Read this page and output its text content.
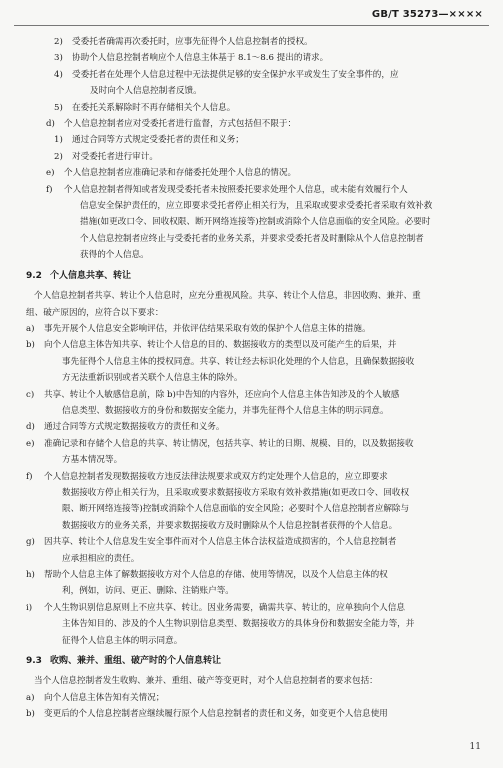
GB/T 35273—××××
2) 受委托者确需再次委托时，应事先征得个人信息控制者的授权。
3) 协助个人信息控制者响应个人信息主体基于 8.1～8.6 提出的请求。
4) 受委托者在处理个人信息过程中无法提供足够的安全保护水平或发生了安全事件的，应
及时向个人信息控制者反馈。
5) 在委托关系解除时不再存储相关个人信息。
d) 个人信息控制者应对受委托者进行监督，方式包括但不限于：
1) 通过合同等方式规定受委托者的责任和义务；
2) 对受委托者进行审计。
e) 个人信息控制者应准确记录和存储委托处理个人信息的情况。
f) 个人信息控制者得知或者发现受委托者未按照委托要求处理个人信息，或未能有效履行个人
信息安全保护责任的，应立即要求受托者停止相关行为，且采取或要求受委托者采取有效补救
措施(如更改口令、回收权限、断开网络连接等)控制或消除个人信息面临的安全风险。必要时
个人信息控制者应终止与受委托者的业务关系，并要求受委托者及时删除从个人信息控制者
获得的个人信息。
9.2 个人信息共享、转让
个人信息控制者共享、转让个人信息时，应充分重视风险。共享、转让个人信息，非因收购、兼并、重
组、破产原因的，应符合以下要求：
a) 事先开展个人信息安全影响评估，并依评估结果采取有效的保护个人信息主体的措施。
b) 向个人信息主体告知共享、转让个人信息的目的、数据接收方的类型以及可能产生的后果，并
事先征得个人信息主体的授权同意。共享、转让经去标识化处理的个人信息，且确保数据接收
方无法重新识别或者关联个人信息主体的除外。
c) 共享、转让个人敏感信息前，除 b)中告知的内容外，还应向个人信息主体告知涉及的个人敏感
信息类型、数据接收方的身份和数据安全能力，并事先征得个人信息主体的明示同意。
d) 通过合同等方式规定数据接收方的责任和义务。
e) 准确记录和存储个人信息的共享、转让情况，包括共享、转让的日期、规模、目的，以及数据接收
方基本情况等。
f) 个人信息控制者发现数据接收方违反法律法规要求或双方约定处理个人信息的，应立即要求
数据接收方停止相关行为，且采取或要求数据接收方采取有效补救措施(如更改口令、回收权
限、断开网络连接等)控制或消除个人信息面临的安全风险；必要时个人信息控制者应解除与
数据接收方的业务关系，并要求数据接收方及时删除从个人信息控制者获得的个人信息。
g) 因共享、转让个人信息发生安全事件而对个人信息主体合法权益造成损害的，个人信息控制者
应承担相应的责任。
h) 帮助个人信息主体了解数据接收方对个人信息的存储、使用等情况，以及个人信息主体的权
利，例如，访问、更正、删除、注销账户等。
i) 个人生物识别信息原则上不应共享、转让。因业务需要，确需共享、转让的，应单独向个人信息
主体告知目的、涉及的个人生物识别信息类型、数据接收方的具体身份和数据安全能力等，并
征得个人信息主体的明示同意。
9.3 收购、兼并、重组、破产时的个人信息转让
当个人信息控制者发生收购、兼并、重组、破产等变更时，对个人信息控制者的要求包括：
a) 向个人信息主体告知有关情况；
b) 变更后的个人信息控制者应继续履行原个人信息控制者的责任和义务，如变更个人信息使用
11
